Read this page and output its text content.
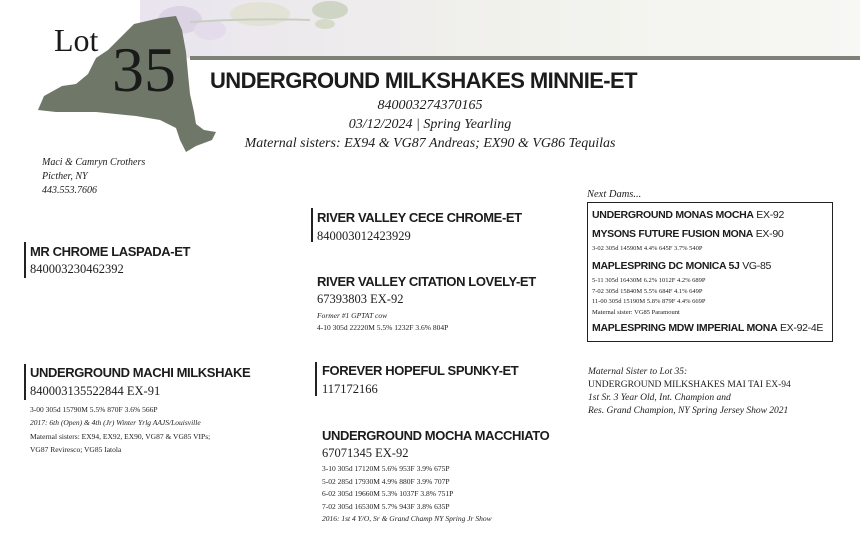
Lot 35 UNDERGROUND MILKSHAKES MINNIE-ET
840003274370165
03/12/2024 | Spring Yearling
Maternal sisters: EX94 & VG87 Andreas; EX90 & VG86 Tequilas
Maci & Camryn Crothers
Picther, NY
443.553.7606
MR CHROME LASPADA-ET
840003230462392
RIVER VALLEY CECE CHROME-ET
840003012423929
RIVER VALLEY CITATION LOVELY-ET
67393803 EX-92
Former #1 GPTAT cow
4-10 305d 22220M 5.5% 1232F 3.6% 804P
UNDERGROUND MACHI MILKSHAKE
840003135522844 EX-91
3-00 305d 15790M 5.5% 870F 3.6% 566P
2017: 6th (Open) & 4th (Jr) Winter Yrlg AAJS/Louisville
Maternal sisters: EX94, EX92, EX90, VG87 & VG85 VIPs;
VG87 Reviresco; VG85 Iatola
FOREVER HOPEFUL SPUNKY-ET
117172166
UNDERGROUND MOCHA MACCHIATO
67071345 EX-92
3-10 305d 17120M 5.6% 953F 3.9% 675P
5-02 285d 17930M 4.9% 880F 3.9% 707P
6-02 305d 19660M 5.3% 1037F 3.8% 751P
7-02 305d 16530M 5.7% 943F 3.8% 635P
2016: 1st 4 Y/O, Sr & Grand Champ NY Spring Jr Show
Next Dams...
UNDERGROUND MONAS MOCHA EX-92
MYSONS FUTURE FUSION MONA EX-90
3-02 305d 14590M 4.4% 645F 3.7% 540P
MAPLESPRING DC MONICA 5J VG-85
5-11 305d 16430M 6.2% 1012F 4.2% 689P
7-02 305d 15840M 5.5% 684F 4.1% 649P
11-00 305d 15190M 5.8% 879F 4.4% 669P
Maternal sister: VG85 Paramount
MAPLESPRING MDW IMPERIAL MONA EX-92-4E
Maternal Sister to Lot 35:
UNDERGROUND MILKSHAKES MAI TAI EX-94
1st Sr. 3 Year Old, Int. Champion and
Res. Grand Champion, NY Spring Jersey Show 2021
